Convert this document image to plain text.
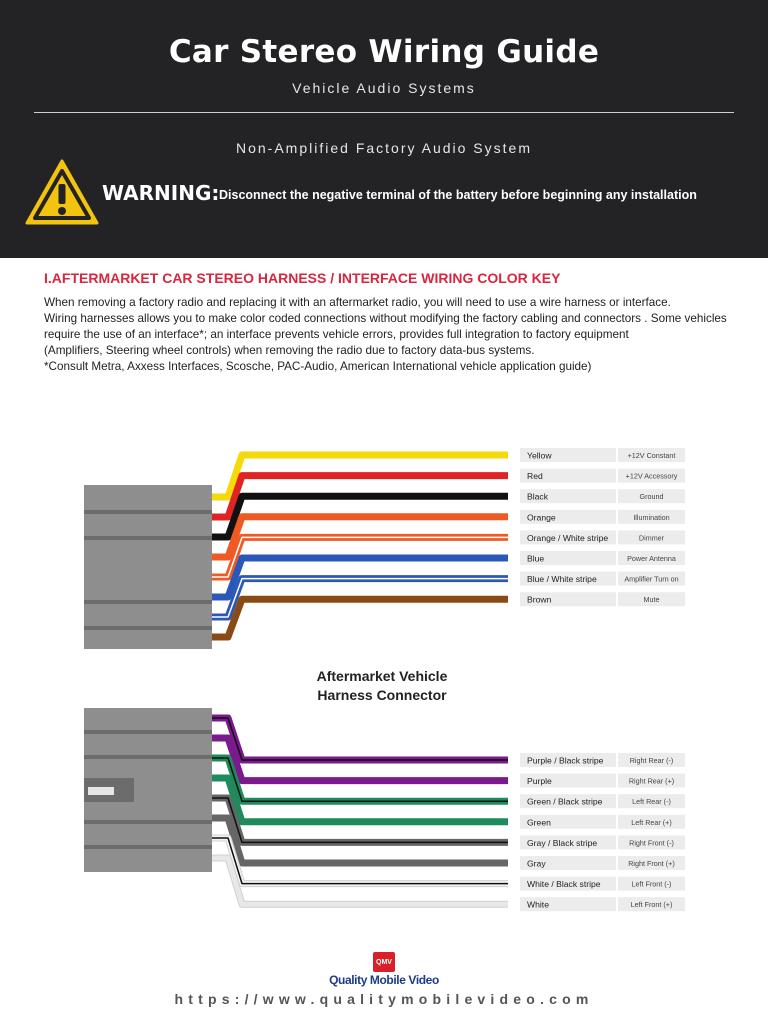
Car Stereo Wiring Guide
Vehicle Audio Systems
Non-Amplified Factory Audio System
WARNING: Disconnect the negative terminal of the battery before beginning any installation
I.AFTERMARKET CAR STEREO HARNESS / INTERFACE WIRING COLOR KEY
When removing a factory radio and replacing it with an aftermarket radio, you will need to use a wire harness or interface.
Wiring harnesses allows you to make color coded connections without modifying the factory cabling and connectors . Some vehicles
require the use of an interface*; an interface prevents vehicle errors, provides full integration to factory equipment
(Amplifiers, Steering wheel controls) when removing the radio due to factory data-bus systems.
*Consult Metra, Axxess Interfaces, Scosche, PAC-Audio, American International vehicle application guide)
Yellow	+12V Constant
Red	+12V Accessory
Black	Ground
Orange	Illumination
Orange / White stripe	Dimmer
Blue	Power Antenna
Blue / White stripe	Amplifier Turn on
Brown	Mute
Purple / Black stripe	Right Rear (-)
Purple	Right Rear (+)
Green / Black stripe	Left Rear (-)
Green	Left Rear (+)
Gray / Black stripe	Right Front (-)
Gray	Right Front (+)
White / Black stripe	Left Front (-)
White	Left Front (+)
Aftermarket Vehicle
Harness Connector
QMV
Quality Mobile Video
https://www.qualitymobilevideo.com
